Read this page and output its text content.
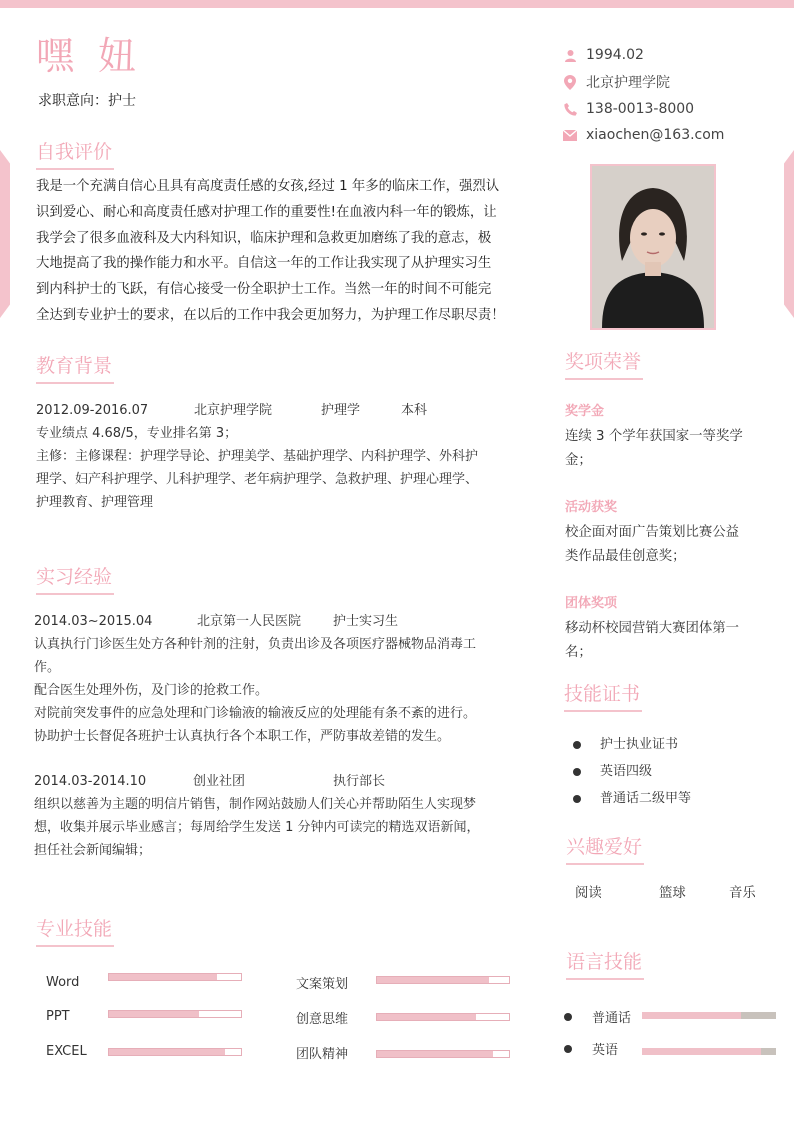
嘿 妞
求职意向：护士
1994.02
北京护理学院
138-0013-8000
xiaochen@163.com
自我评价
我是一个充满自信心且具有高度责任感的女孩,经过 1 年多的临床工作，强烈认
识到爱心、耐心和高度责任感对护理工作的重要性!在血液内科一年的锻炼，让
我学会了很多血液科及大内科知识，临床护理和急救更加磨练了我的意志，极
大地提高了我的操作能力和水平。自信这一年的工作让我实现了从护理实习生
到内科护士的飞跃，有信心接受一份全职护士工作。当然一年的时间不可能完
全达到专业护士的要求，在以后的工作中我会更加努力，为护理工作尽职尽责！
教育背景
2012.09-2016.07	北京护理学院	护理学	本科
专业绩点 4.68/5，专业排名第 3；
主修：主修课程：护理学导论、护理美学、基础护理学、内科护理学、外科护
理学、妇产科护理学、儿科护理学、老年病护理学、急救护理、护理心理学、
护理教育、护理管理
实习经验
2014.03~2015.04	北京第一人民医院	护士实习生
认真执行门诊医生处方各种针剂的注射，负责出诊及各项医疗器械物品消毒工
作。
配合医生处理外伤，及门诊的抢救工作。
对院前突发事件的应急处理和门诊输液的输液反应的处理能有条不紊的进行。
协助护士长督促各班护士认真执行各个本职工作，严防事故差错的发生。
2014.03-2014.10	创业社团	执行部长
组织以慈善为主题的明信片销售，制作网站鼓励人们关心并帮助陌生人实现梦
想，收集并展示毕业感言；每周给学生发送 1 分钟内可读完的精选双语新闻，
担任社会新闻编辑；
专业技能
Word
PPT
EXCEL
文案策划
创意思维
团队精神
奖项荣誉
奖学金
连续 3 个学年获国家一等奖学
金；
活动获奖
校企面对面广告策划比赛公益
类作品最佳创意奖；
团体奖项
移动杯校园营销大赛团体第一
名；
技能证书
护士执业证书
英语四级
普通话二级甲等
兴趣爱好
阅读	篮球	音乐
语言技能
普通话
英语
